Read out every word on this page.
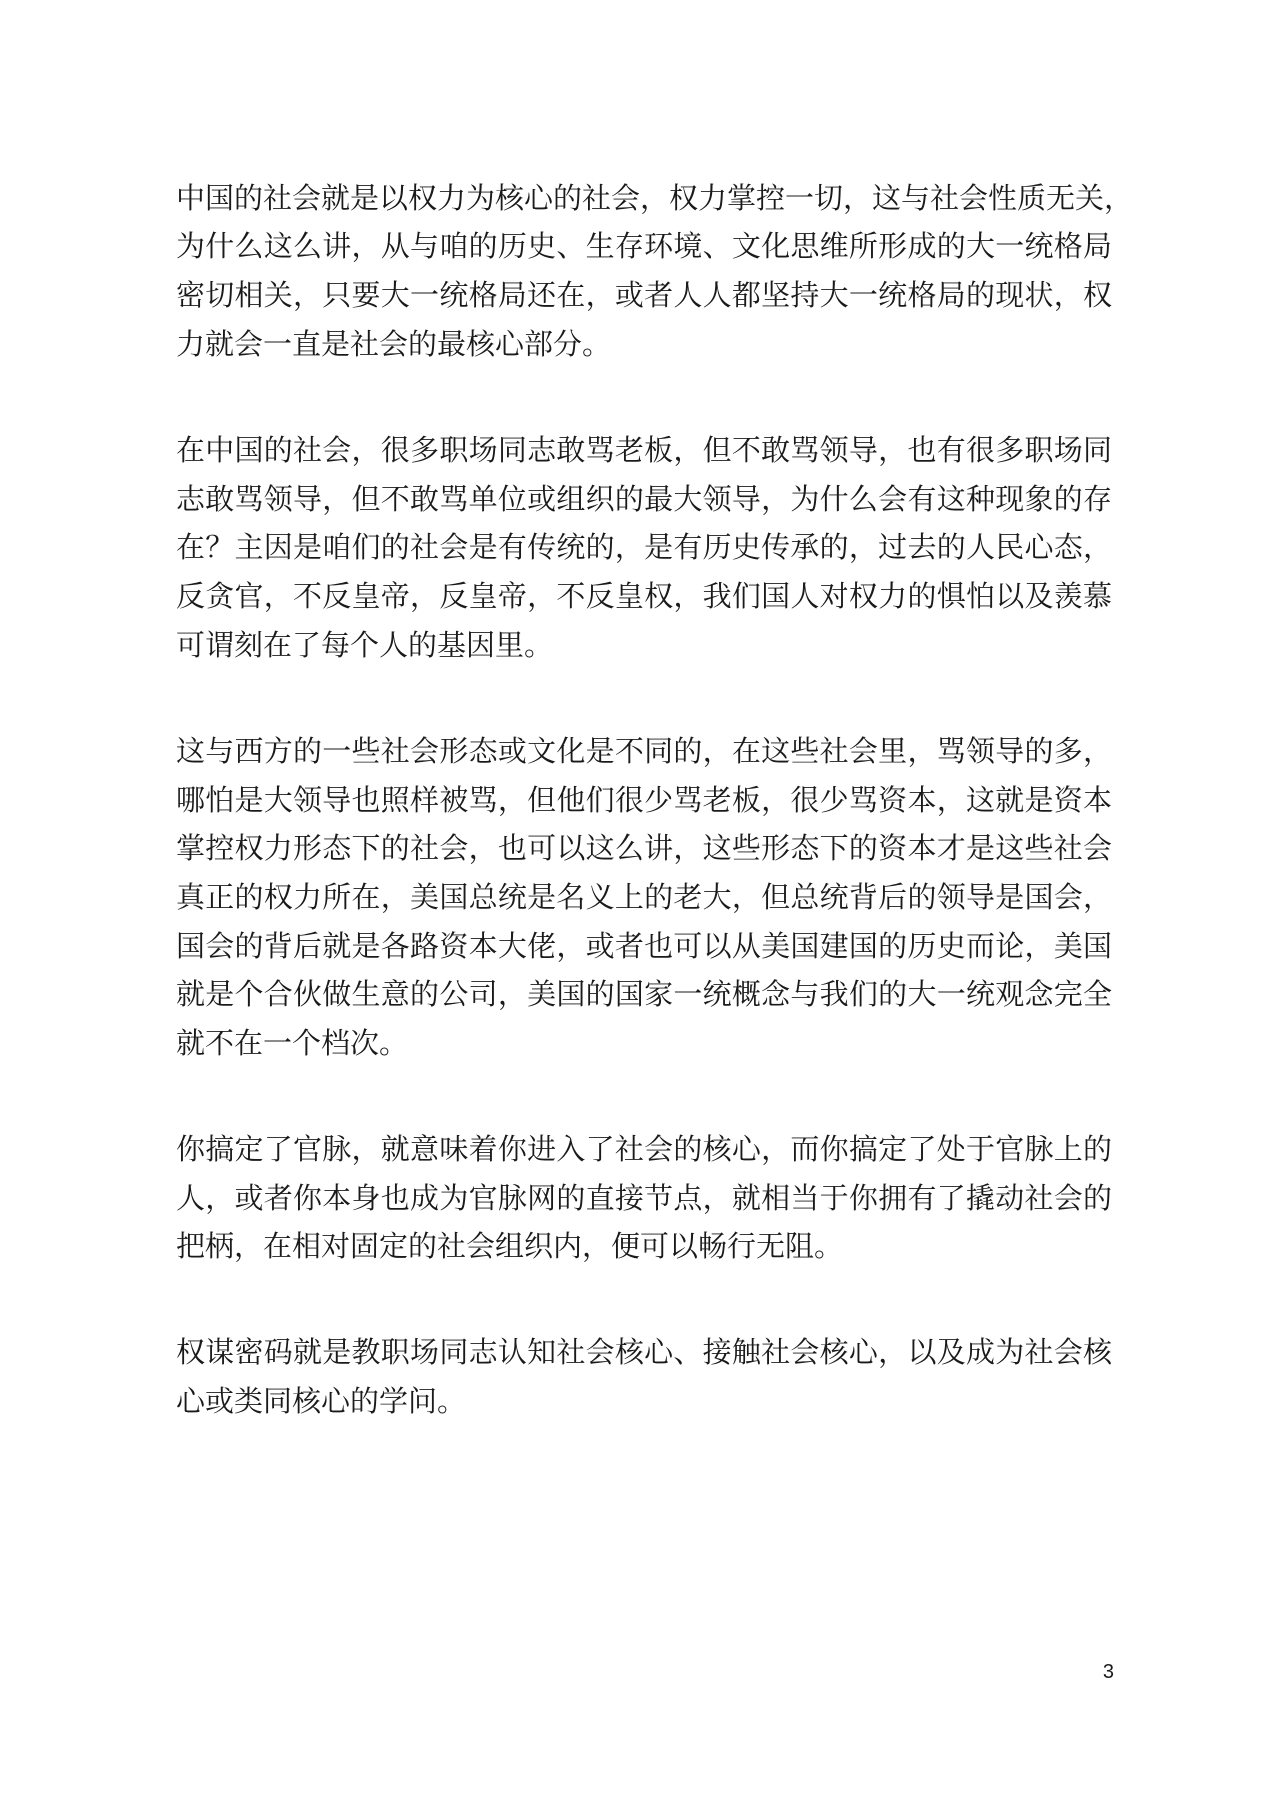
中国的社会就是以权力为核心的社会，权力掌控一切，这与社会性质无关，
为什么这么讲，从与咱的历史、生存环境、文化思维所形成的大一统格局
密切相关，只要大一统格局还在，或者人人都坚持大一统格局的现状，权
力就会一直是社会的最核心部分。
在中国的社会，很多职场同志敢骂老板，但不敢骂领导，也有很多职场同
志敢骂领导，但不敢骂单位或组织的最大领导，为什么会有这种现象的存
在？主因是咱们的社会是有传统的，是有历史传承的，过去的人民心态，
反贪官，不反皇帝，反皇帝，不反皇权，我们国人对权力的惧怕以及羡慕
可谓刻在了每个人的基因里。
这与西方的一些社会形态或文化是不同的，在这些社会里，骂领导的多，
哪怕是大领导也照样被骂，但他们很少骂老板，很少骂资本，这就是资本
掌控权力形态下的社会，也可以这么讲，这些形态下的资本才是这些社会
真正的权力所在，美国总统是名义上的老大，但总统背后的领导是国会，
国会的背后就是各路资本大佬，或者也可以从美国建国的历史而论，美国
就是个合伙做生意的公司，美国的国家一统概念与我们的大一统观念完全
就不在一个档次。
你搞定了官脉，就意味着你进入了社会的核心，而你搞定了处于官脉上的
人，或者你本身也成为官脉网的直接节点，就相当于你拥有了撬动社会的
把柄，在相对固定的社会组织内，便可以畅行无阻。
权谋密码就是教职场同志认知社会核心、接触社会核心，以及成为社会核
心或类同核心的学问。
3
